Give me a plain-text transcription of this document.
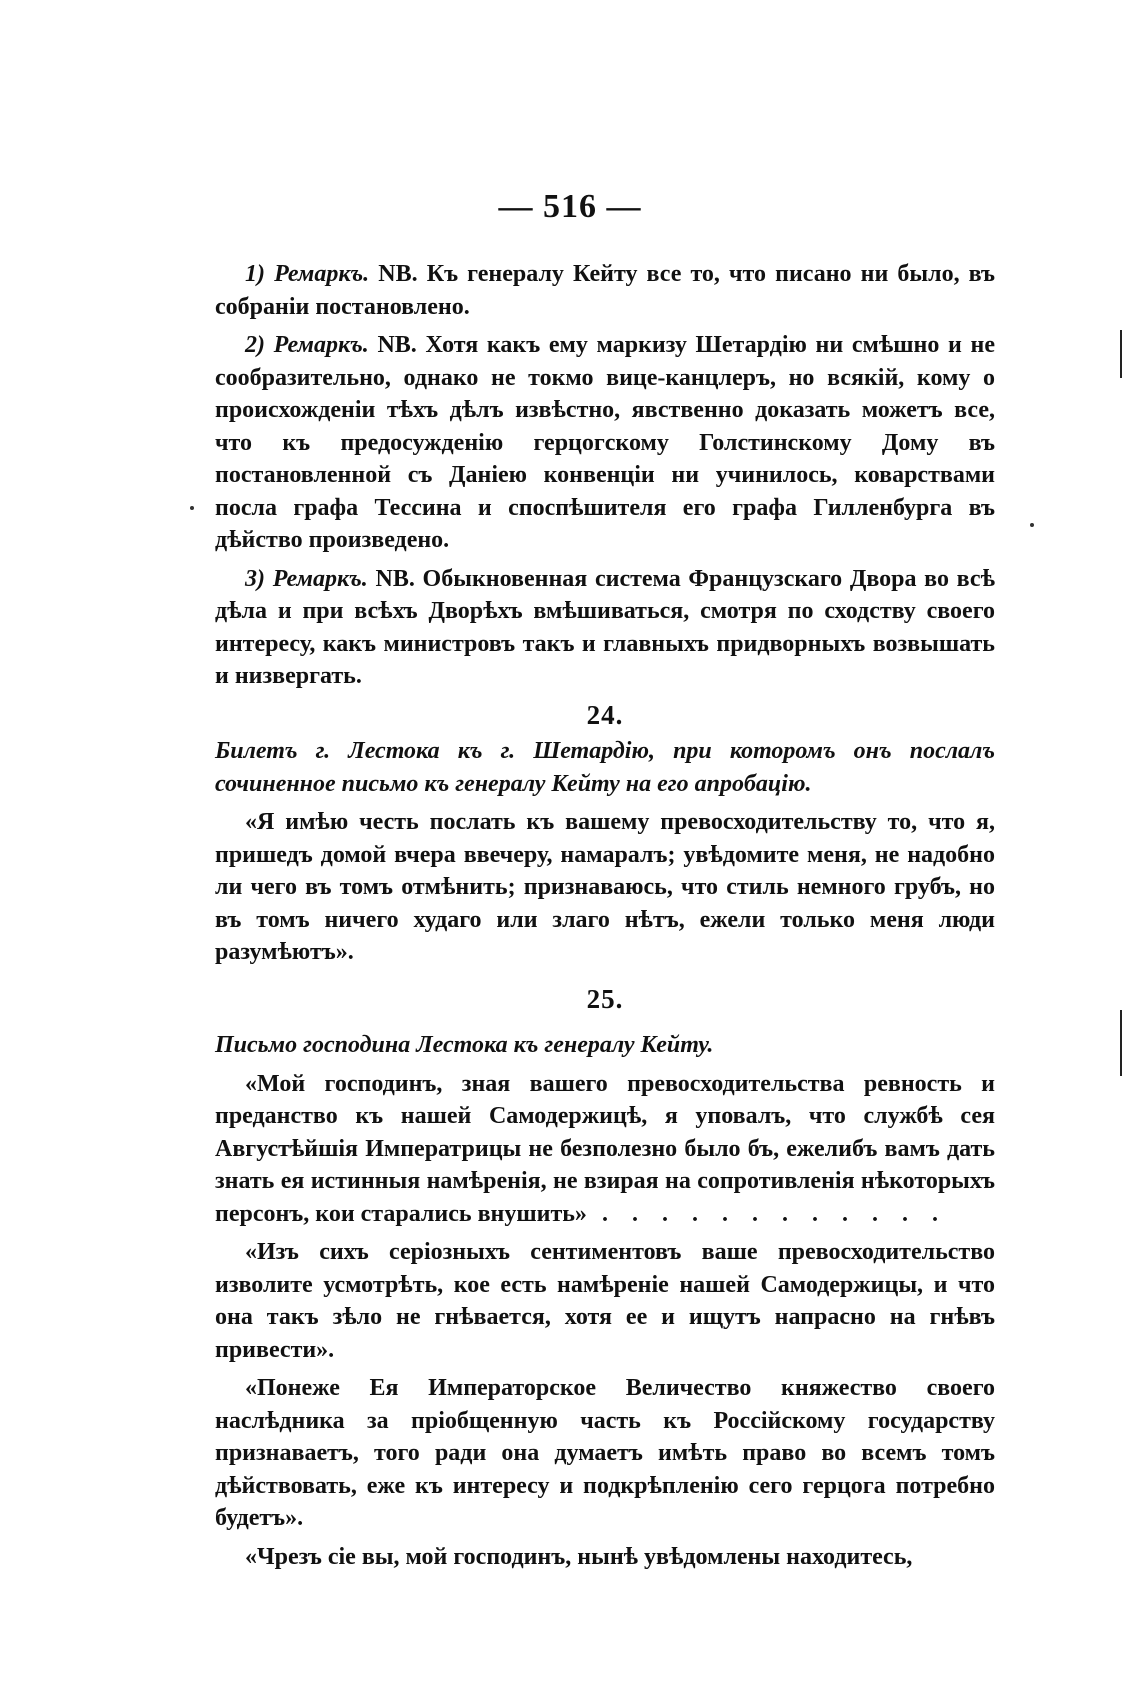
— 516 —

1) Ремаркъ. NB. Къ генералу Кейту все то, что писано ни было, въ собраніи постановлено.

2) Ремаркъ. NB. Хотя какъ ему маркизу Шетардію ни смѣшно и не сообразительно, однако не токмо вице-канцлеръ, но всякій, кому о происхожденіи тѣхъ дѣлъ извѣстно, явственно доказать можетъ все, что къ предосужденію герцогскому Голстинскому Дому въ постановленной съ Даніею конвенціи ни учинилось, коварствами посла графа Тессина и споспѣшителя его графа Гилленбурга въ дѣйство произведено.

3) Ремаркъ. NB. Обыкновенная система Французскаго Двора во всѣ дѣла и при всѣхъ Дворѣхъ вмѣшиваться, смотря по сходству своего интересу, какъ министровъ такъ и главныхъ придворныхъ возвышать и низвергать.

24.

Билетъ г. Лестока къ г. Шетардію, при которомъ онъ послалъ сочиненное письмо къ генералу Кейту на его апробацію.

«Я имѣю честь послать къ вашему превосходительству то, что я, пришедъ домой вчера ввечеру, намаралъ; увѣдомите меня, не надобно ли чего въ томъ отмѣнить; признаваюсь, что стиль немного грубъ, но въ томъ ничего худаго или злаго нѣтъ, ежели только меня люди разумѣютъ».

25.

Письмо господина Лестока къ генералу Кейту.

«Мой господинъ, зная вашего превосходительства ревность и преданство къ нашей Самодержицѣ, я уповалъ, что службѣ сея Августѣйшія Императрицы не безполезно было бъ, ежелибъ вамъ дать знать ея истинныя намѣренія, не взирая на сопротивленія нѣкоторыхъ персонъ, кои старались внушить» . . . . . . . . . . . .

«Изъ сихъ серіозныхъ сентиментовъ ваше превосходительство изволите усмотрѣть, кое есть намѣреніе нашей Самодержицы, и что она такъ зѣло не гнѣвается, хотя ее и ищутъ напрасно на гнѣвъ привести».

«Понеже Ея Императорское Величество княжество своего наслѣдника за пріобщенную часть къ Россійскому государству признаваетъ, того ради она думаетъ имѣть право во всемъ томъ дѣйствовать, еже къ интересу и подкрѣпленію сего герцога потребно будетъ».

«Чрезъ сіе вы, мой господинъ, нынѣ увѣдомлены находитесь,
